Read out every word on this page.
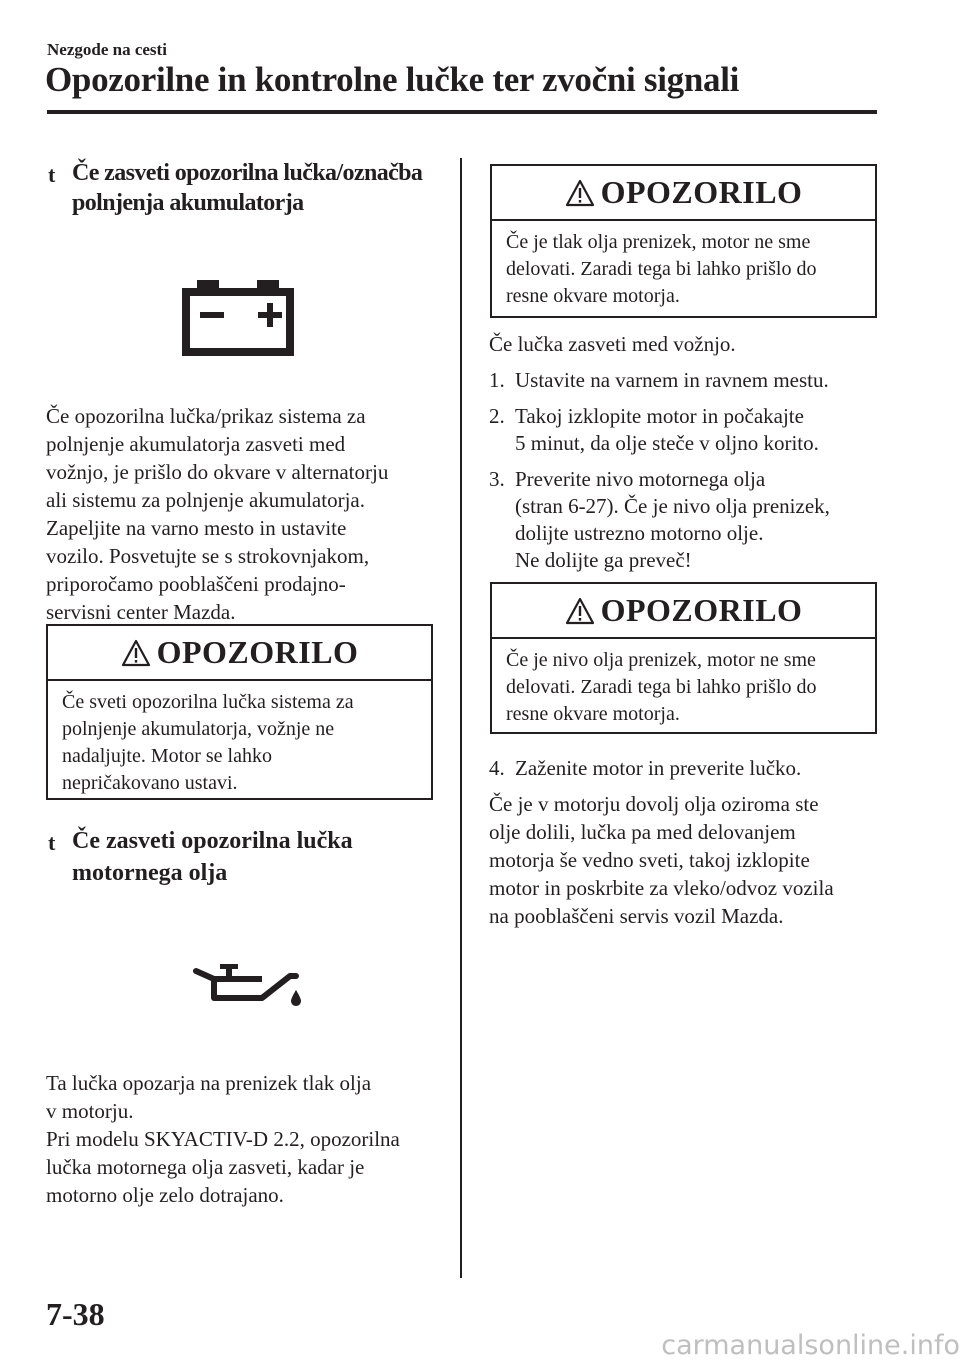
Nezgode na cesti
Opozorilne in kontrolne lučke ter zvočni signali
t Če zasveti opozorilna lučka/označba
polnjenja akumulatorja
Če opozorilna lučka/prikaz sistema za
polnjenje akumulatorja zasveti med
vožnjo, je prišlo do okvare v alternatorju
ali sistemu za polnjenje akumulatorja.
Zapeljite na varno mesto in ustavite
vozilo. Posvetujte se s strokovnjakom,
priporočamo pooblaščeni prodajno-
servisni center Mazda.
OPOZORILO
Če sveti opozorilna lučka sistema za
polnjenje akumulatorja, vožnje ne
nadaljujte. Motor se lahko
nepričakovano ustavi.
t Če zasveti opozorilna lučka
motornega olja
Ta lučka opozarja na prenizek tlak olja
v motorju.
Pri modelu SKYACTIV-D 2.2, opozorilna
lučka motornega olja zasveti, kadar je
motorno olje zelo dotrajano.
OPOZORILO
Če je tlak olja prenizek, motor ne sme
delovati. Zaradi tega bi lahko prišlo do
resne okvare motorja.
Če lučka zasveti med vožnjo.
1. Ustavite na varnem in ravnem mestu.
2. Takoj izklopite motor in počakajte
5 minut, da olje steče v oljno korito.
3. Preverite nivo motornega olja
(stran 6-27). Če je nivo olja prenizek,
dolijte ustrezno motorno olje.
Ne dolijte ga preveč!
OPOZORILO
Če je nivo olja prenizek, motor ne sme
delovati. Zaradi tega bi lahko prišlo do
resne okvare motorja.
4. Zaženite motor in preverite lučko.
Če je v motorju dovolj olja oziroma ste
olje dolili, lučka pa med delovanjem
motorja še vedno sveti, takoj izklopite
motor in poskrbite za vleko/odvoz vozila
na pooblaščeni servis vozil Mazda.
7-38
carmanualsonline.info
